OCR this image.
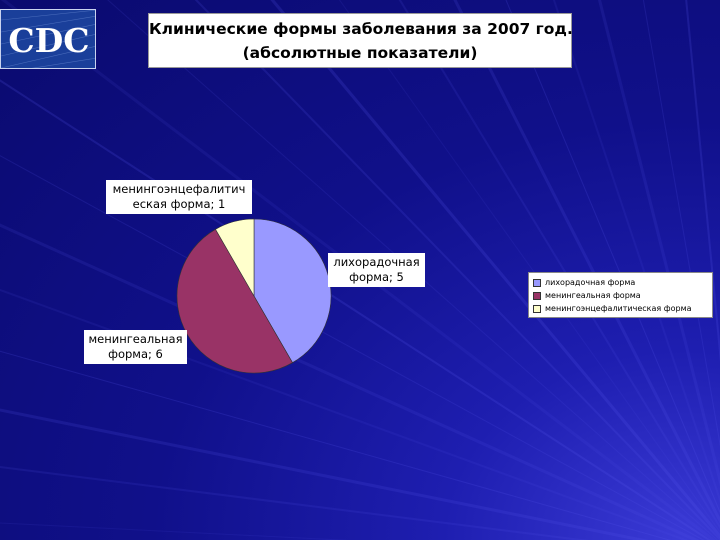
CDC	Клинические формы заболевания за 2007 год.
(абсолютные показатели)
лихорадочная
форма; 5
менингеальная
форма; 6
менингоэнцефалитич
еская форма; 1
лихорадочная форма
менингеальная форма
менингоэнцефалитическая форма
